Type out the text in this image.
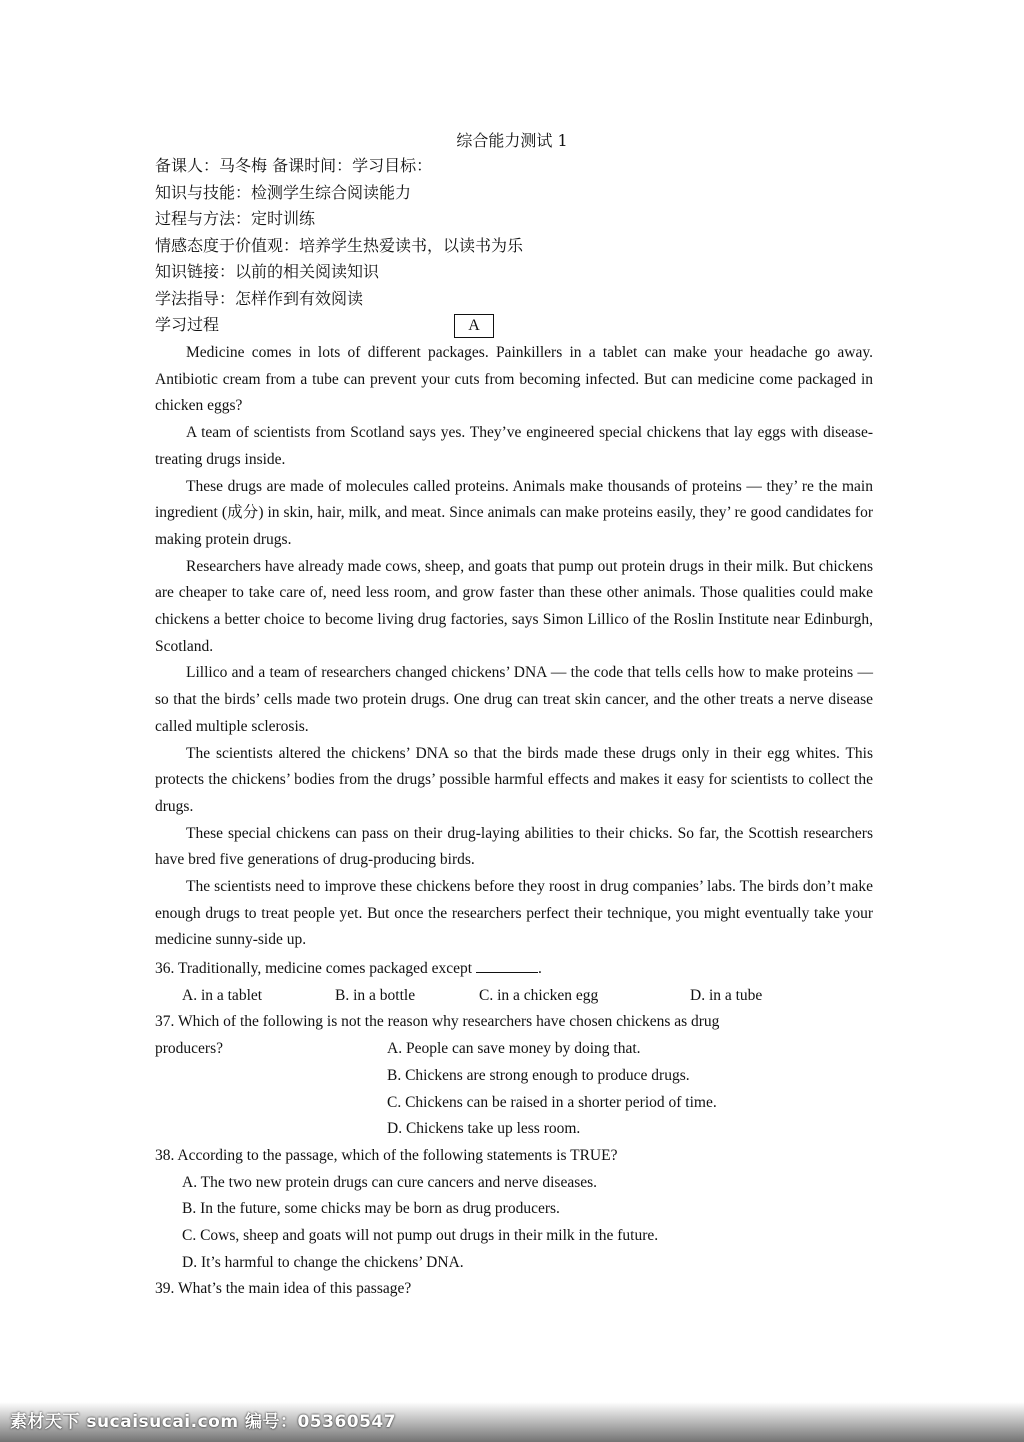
综合能力测试 1
备课人：马冬梅 备课时间：学习目标：
知识与技能：检测学生综合阅读能力
过程与方法：定时训练
情感态度于价值观：培养学生热爱读书，以读书为乐
知识链接：以前的相关阅读知识
学法指导：怎样作到有效阅读
学习过程	A

Medicine comes in lots of different packages. Painkillers in a tablet can make your headache go away. Antibiotic cream from a tube can prevent your cuts from becoming infected. But can medicine come packaged in chicken eggs?

A team of scientists from Scotland says yes. They’ve engineered special chickens that lay eggs with disease-treating drugs inside.

These drugs are made of molecules called proteins. Animals make thousands of proteins — they’ re the main ingredient (成分) in skin, hair, milk, and meat. Since animals can make proteins easily, they’ re good candidates for making protein drugs.

Researchers have already made cows, sheep, and goats that pump out protein drugs in their milk. But chickens are cheaper to take care of, need less room, and grow faster than these other animals. Those qualities could make chickens a better choice to become living drug factories, says Simon Lillico of the Roslin Institute near Edinburgh, Scotland.

Lillico and a team of researchers changed chickens’ DNA — the code that tells cells how to make proteins — so that the birds’ cells made two protein drugs. One drug can treat skin cancer, and the other treats a nerve disease called multiple sclerosis.

The scientists altered the chickens’ DNA so that the birds made these drugs only in their egg whites. This protects the chickens’ bodies from the drugs’ possible harmful effects and makes it easy for scientists to collect the drugs.

These special chickens can pass on their drug-laying abilities to their chicks. So far, the Scottish researchers have bred five generations of drug-producing birds.

The scientists need to improve these chickens before they roost in drug companies’ labs. The birds don’t make enough drugs to treat people yet. But once the researchers perfect their technique, you might eventually take your medicine sunny-side up.

36. Traditionally, medicine comes packaged except	.
A. in a tablet	B. in a bottle	C. in a chicken egg	D. in a tube
37. Which of the following is not the reason why researchers have chosen chickens as drug
producers?	A. People can save money by doing that.
B. Chickens are strong enough to produce drugs.
C. Chickens can be raised in a shorter period of time.
D. Chickens take up less room.
38. According to the passage, which of the following statements is TRUE?
A. The two new protein drugs can cure cancers and nerve diseases.
B. In the future, some chicks may be born as drug producers.
C. Cows, sheep and goats will not pump out drugs in their milk in the future.
D. It’s harmful to change the chickens’ DNA.
39. What’s the main idea of this passage?
素材天下 sucaisucai.com 编号：05360547
